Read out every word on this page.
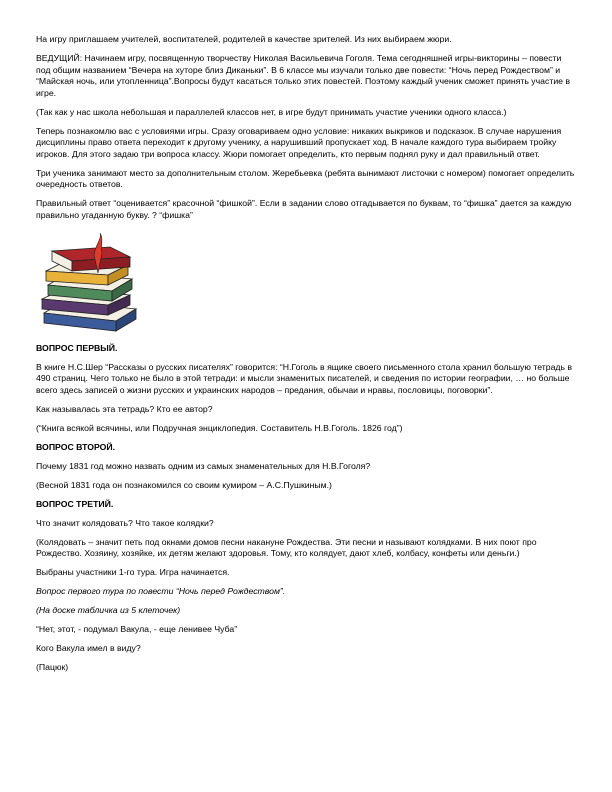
На игру приглашаем учителей, воспитателей, родителей в качестве зрителей. Из них выбираем жюри.

ВЕДУЩИЙ: Начинаем игру, посвященную творчеству Николая Васильевича Гоголя. Тема сегодняшней игры-викторины – повести под общим названием “Вечера на хуторе близ Диканьки”. В 6 классе мы изучали только две повести: “Ночь перед Рождеством” и “Майская ночь, или утопленница”.Вопросы будут касаться только этих повестей. Поэтому каждый ученик сможет принять участие в игре.

(Так как у нас школа небольшая и параллелей классов нет, в игре будут принимать участие ученики одного класса.)

Теперь познакомлю вас с условиями игры. Сразу оговариваем одно условие: никаких выкриков и подсказок. В случае нарушения дисциплины право ответа переходит к другому ученику, а нарушивший пропускает ход. В начале каждого тура выбираем тройку игроков. Для этого задаю три вопроса классу. Жюри помогает определить, кто первым поднял руку и дал правильный ответ.

Три ученика занимают место за дополнительным столом. Жеребьевка (ребята вынимают листочки с номером) помогает определить очередность ответов.

Правильный ответ “оценивается” красочной “фишкой”. Если в задании слово отгадывается по буквам, то “фишка” дается за каждую правильно угаданную букву. ? “фишка”

ВОПРОС ПЕРВЫЙ.

В книге Н.С.Шер “Рассказы о русских писателях” говорится: “Н.Гоголь в ящике своего письменного стола хранил большую тетрадь в 490 страниц. Чего только не было в этой тетради: и мысли знаменитых писателей, и сведения по истории географии, … но больше всего здесь записей о жизни русских и украинских народов – предания, обычаи и нравы, пословицы, поговорки”.

Как называлась эта тетрадь? Кто ее автор?

(“Книга всякой всячины, или Подручная энциклопедия. Составитель Н.В.Гоголь. 1826 год”)

ВОПРОС ВТОРОЙ.

Почему 1831 год можно назвать одним из самых знаменательных для Н.В.Гоголя?

(Весной 1831 года он познакомился со своим кумиром – А.С.Пушкиным.)

ВОПРОС ТРЕТИЙ.

Что значит колядовать? Что такое колядки?

(Колядовать – значит петь под окнами домов песни накануне Рождества. Эти песни и называют колядками. В них поют про Рождество. Хозяину, хозяйке, их детям желают здоровья. Тому, кто колядует, дают хлеб, колбасу, конфеты или деньги.)

Выбраны участники 1-го тура. Игра начинается.

Вопрос первого тура по повести “Ночь перед Рождеством”.

(На доске табличка из 5 клеточек)

“Нет, этот, - подумал Вакула, - еще ленивее Чуба”

Кого Вакула имел в виду?

(Пацюк)
